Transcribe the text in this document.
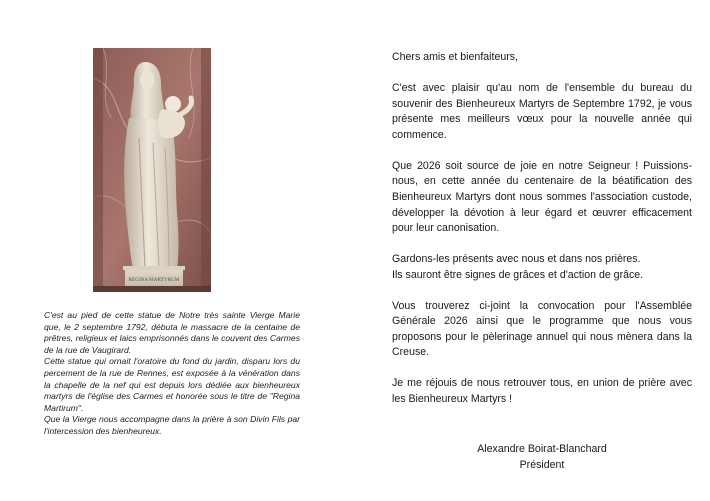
REGINA MARTYRUM

C'est au pied de cette statue de Notre très sainte Vierge Marie que, le 2 septembre 1792, débuta le massacre de la centaine de prêtres, religieux et laics emprisonnés dans le couvent des Carmes de la rue de Vaugirard.

Cette statue qui ornait l'oratoire du fond du jardin, disparu lors du percement de la rue de Rennes, est exposée à la vénération dans la chapelle de la nef qui est depuis lors dédiée aux bienheureux martyrs de l'église des Carmes et honorée sous le titre de "Regina Martirum".

Que la Vierge nous accompagne dans la prière à son Divin Fils par l'intercession des bienheureux.

Chers amis et bienfaiteurs,

C'est avec plaisir qu'au nom de l'ensemble du bureau du souvenir des Bienheureux Martyrs de Septembre 1792, je vous présente mes meilleurs vœux pour la nouvelle année qui commence.

Que 2026 soit source de joie en notre Seigneur ! Puissions-nous, en cette année du centenaire de la béatification des Bienheureux Martyrs dont nous sommes l'association custode, développer la dévotion à leur égard et œuvrer efficacement pour leur canonisation.

Gardons-les présents avec nous et dans nos prières.
Ils sauront être signes de grâces et d'action de grâce.

Vous trouverez ci-joint la convocation pour l'Assemblée Générale 2026 ainsi que le programme que nous vous proposons pour le pèlerinage annuel qui nous mènera dans la Creuse.

Je me réjouis de nous retrouver tous, en union de prière avec les Bienheureux Martyrs !

Alexandre Boirat-Blanchard
Président
